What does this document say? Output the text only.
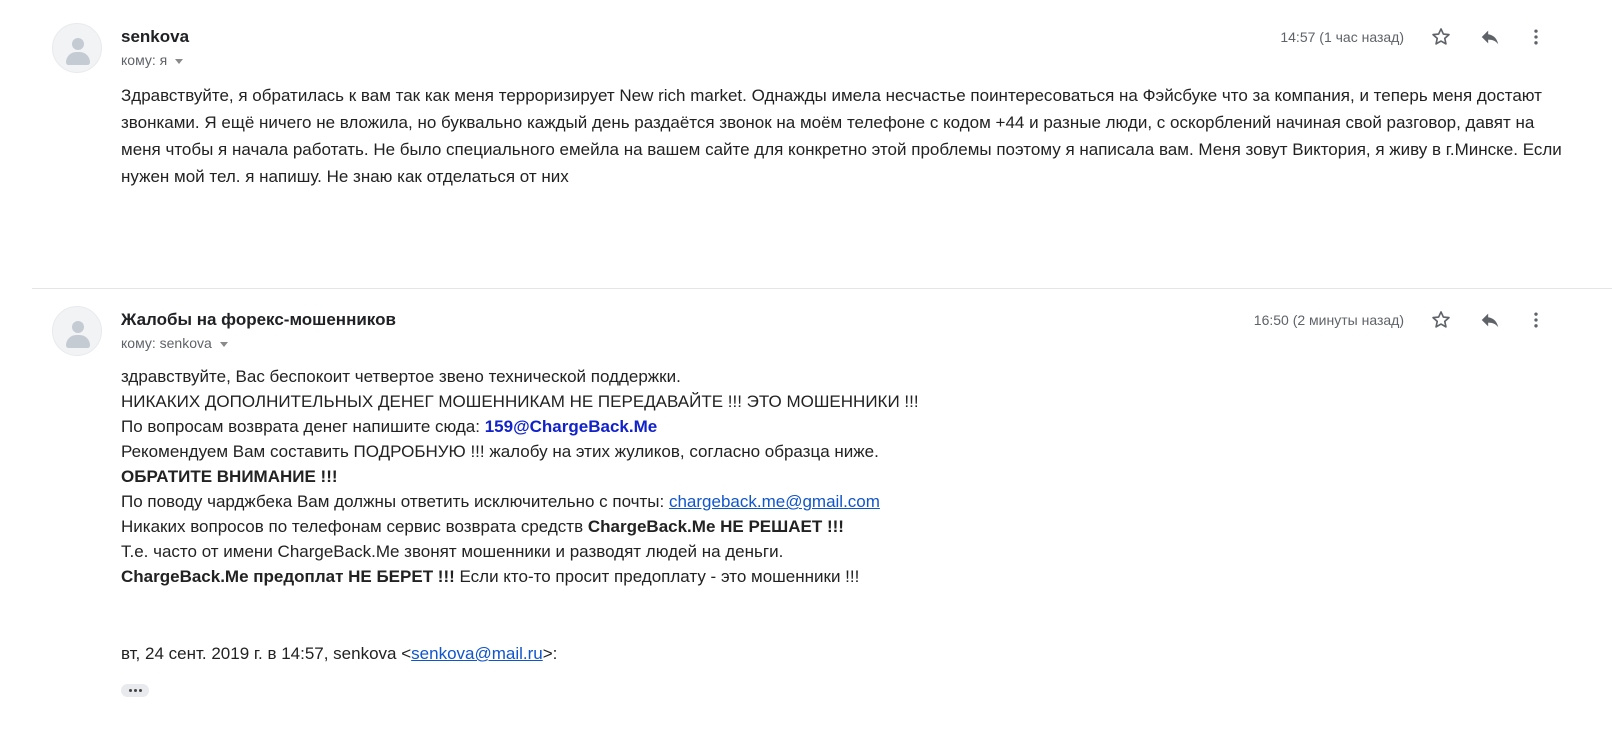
senkova
кому: я
14:57 (1 час назад)
Здравствуйте, я обратилась к вам так как меня терроризирует New rich market. Однажды имела несчастье поинтересоваться на Фэйсбуке что за компания, и теперь меня достают звонками. Я ещё ничего не вложила, но буквально каждый день раздаётся звонок на моём телефоне с кодом +44 и разные люди, с оскорблений начиная свой разговор, давят на меня чтобы я начала работать. Не было специального емейла на вашем сайте для конкретно этой проблемы поэтому я написала вам. Меня зовут Виктория, я живу в г.Минске. Если нужен мой тел. я напишу. Не знаю как отделаться от них
Жалобы на форекс-мошенников
кому: senkova
16:50 (2 минуты назад)
здравствуйте, Вас беспокоит четвертое звено технической поддержки.
НИКАКИХ ДОПОЛНИТЕЛЬНЫХ ДЕНЕГ МОШЕННИКАМ НЕ ПЕРЕДАВАЙТЕ !!! ЭТО МОШЕННИКИ !!!
По вопросам возврата денег напишите сюда: 159@ChargeBack.Me
Рекомендуем Вам составить ПОДРОБНУЮ !!! жалобу на этих жуликов, согласно образца ниже.
ОБРАТИТЕ ВНИМАНИЕ !!!
По поводу чарджбека Вам должны ответить исключительно с почты: chargeback.me@gmail.com
Никаких вопросов по телефонам сервис возврата средств ChargeBack.Me НЕ РЕШАЕТ !!!
Т.е. часто от имени ChargeBack.Me звонят мошенники и разводят людей на деньги.
ChargeBack.Me предоплат НЕ БЕРЕТ !!! Если кто-то просит предоплату - это мошенники !!!
вт, 24 сент. 2019 г. в 14:57, senkova <senkova@mail.ru>:
